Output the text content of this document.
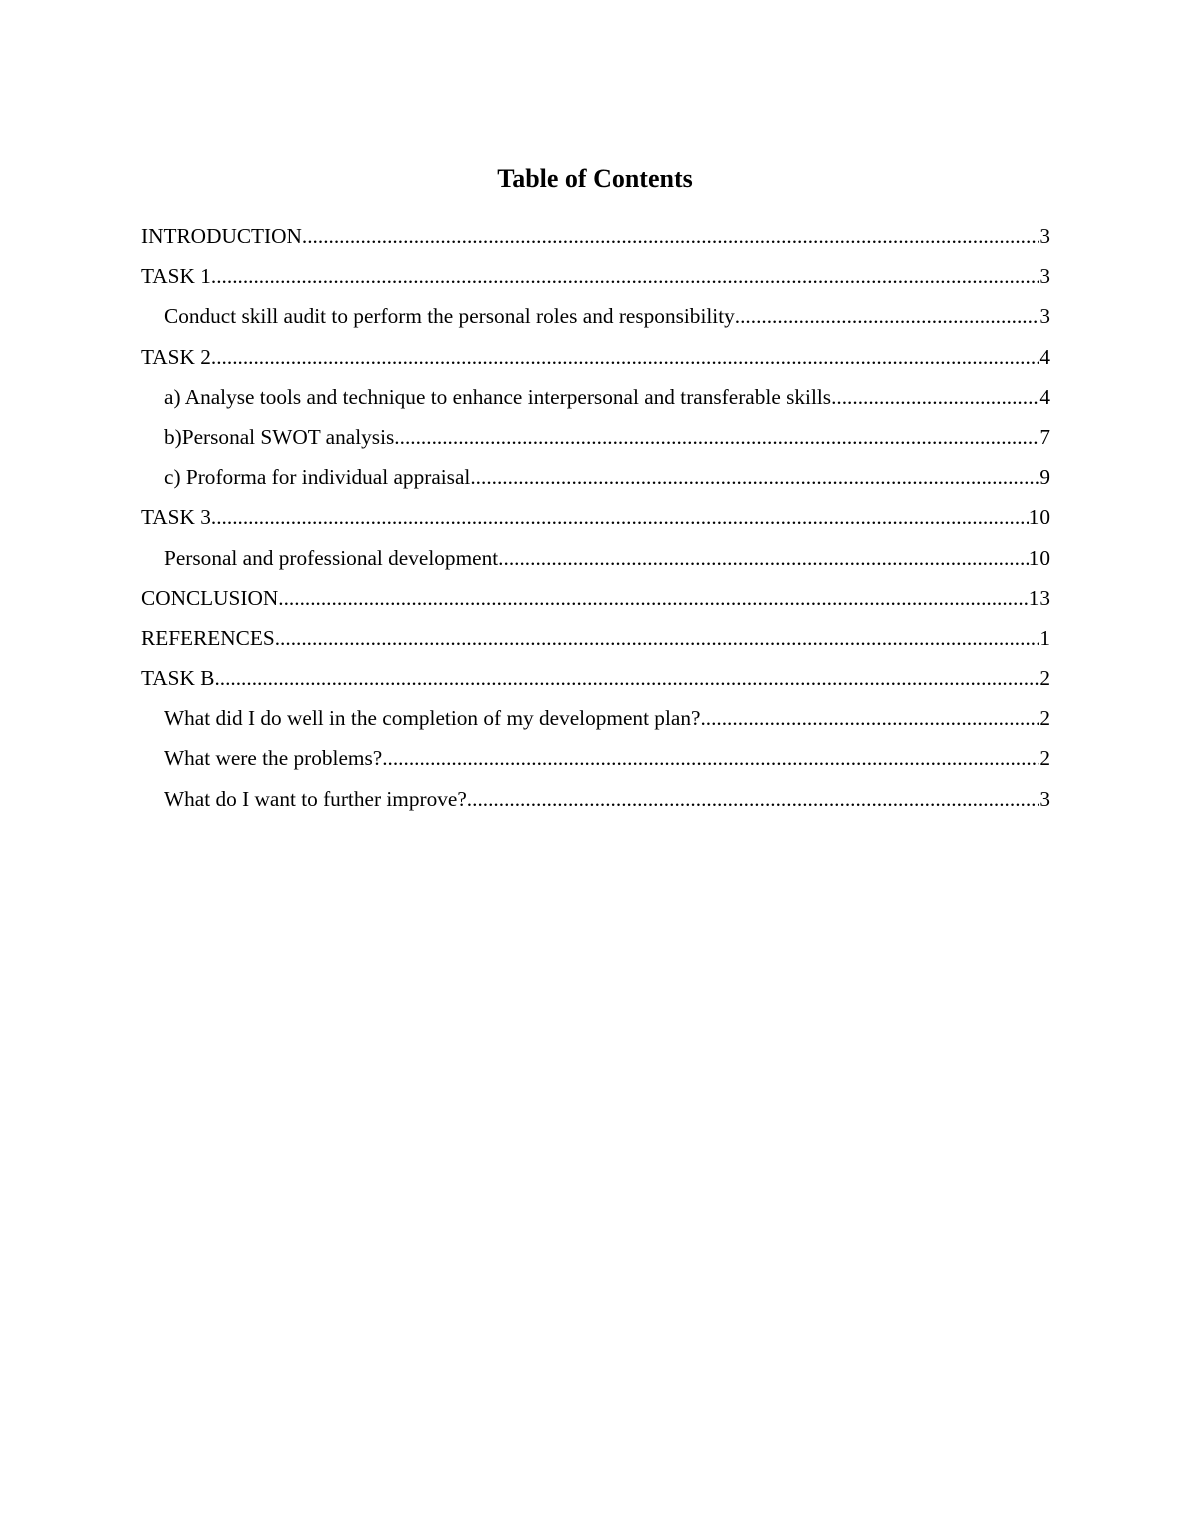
Table of Contents
INTRODUCTION .....	3
TASK 1 .....	3
Conduct skill audit to perform the personal roles and responsibility .....	3
TASK 2 .....	4
a) Analyse tools and technique to enhance interpersonal and transferable skills .....	4
b)Personal SWOT analysis .....	7
c) Proforma for individual appraisal .....	9
TASK 3 .....	10
Personal and professional development .....	10
CONCLUSION .....	13
REFERENCES .....	1
TASK B .....	2
What did I do well in the completion of my development plan? .....	2
What were the problems? .....	2
What do I want to further improve? .....	3
